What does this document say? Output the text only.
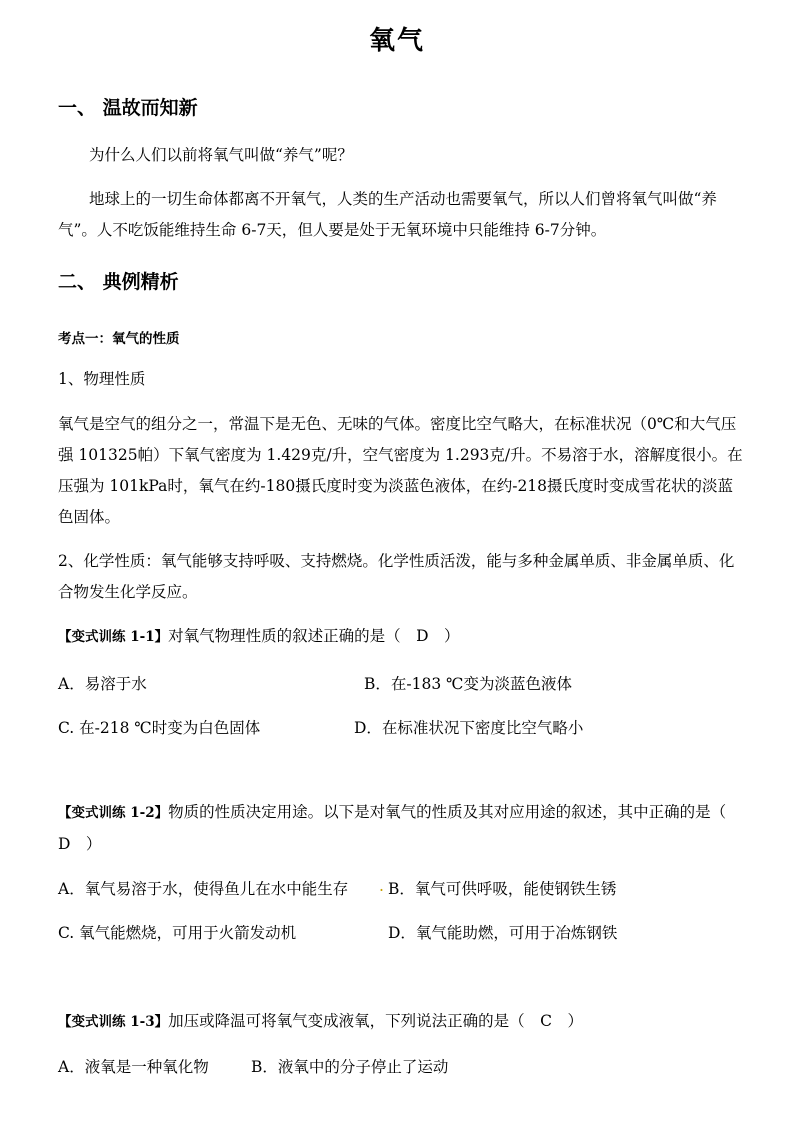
氧气
一、 温故而知新
为什么人们以前将氧气叫做“养气”呢？
地球上的一切生命体都离不开氧气，人类的生产活动也需要氧气，所以人们曾将氧气叫做“养气”。人不吃饭能维持生命 6-7天，但人要是处于无氧环境中只能维持 6-7分钟。
二、 典例精析
考点一：氧气的性质
1、物理性质
氧气是空气的组分之一，常温下是无色、无味的气体。密度比空气略大，在标准状况（0℃和大气压强 101325帕）下氧气密度为 1.429克/升，空气密度为 1.293克/升。不易溶于水，溶解度很小。在压强为 101kPa时，氧气在约-180摄氏度时变为淡蓝色液体，在约-218摄氏度时变成雪花状的淡蓝色固体。
2、化学性质：氧气能够支持呼吸、支持燃烧。化学性质活泼，能与多种金属单质、非金属单质、化合物发生化学反应。
【变式训练 1-1】对氧气物理性质的叙述正确的是（　D　）
A．易溶于水	B．在-183 ℃变为淡蓝色液体
C. 在-218 ℃时变为白色固体	D．在标准状况下密度比空气略小
【变式训练 1-2】物质的性质决定用途。以下是对氧气的性质及其对应用途的叙述，其中正确的是（　D　）
A．氧气易溶于水，使得鱼儿在水中能生存 . B．氧气可供呼吸，能使钢铁生锈
C. 氧气能燃烧，可用于火箭发动机	D．氧气能助燃，可用于冶炼钢铁
【变式训练 1-3】加压或降温可将氧气变成液氧，下列说法正确的是（　C　）
A．液氧是一种氧化物	B．液氧中的分子停止了运动
